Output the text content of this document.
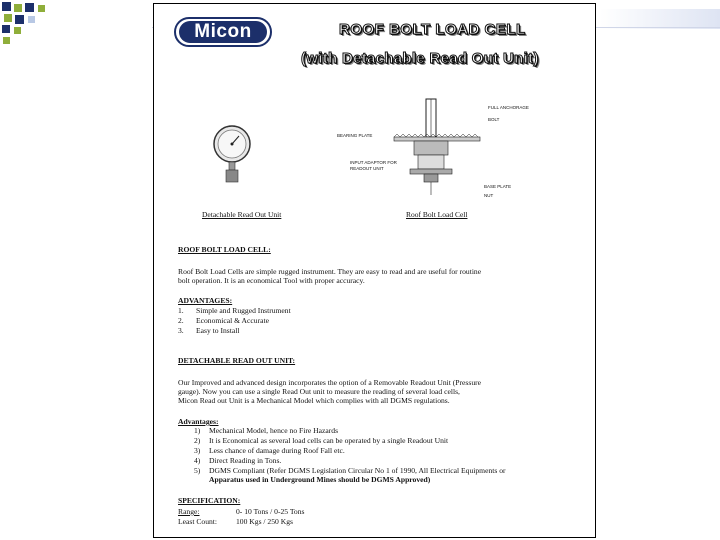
Micon	ROOF BOLT LOAD CELL
(with Detachable Read Out Unit)
Detachable Read Out Unit
FULL ANCHORAGE
BOLT
BEARING PLATE
INPUT ADAPTOR FOR
READOUT UNIT
BASE PLATE
NUT
Roof Bolt Load Cell
ROOF BOLT LOAD CELL:
Roof Bolt Load Cells are simple rugged instrument. They are easy to read and are useful for routine
bolt operation. It is an economical Tool with proper accuracy.
ADVANTAGES:
1. Simple and Rugged Instrument
2. Economical & Accurate
3. Easy to Install
DETACHABLE READ OUT UNIT:
Our Improved and advanced design incorporates the option of a Removable Readout Unit (Pressure
gauge). Now you can use a single Read Out unit to measure the reading of several load cells,
Micon Read out Unit is a Mechanical Model which complies with all DGMS regulations.
Advantages:
1) Mechanical Model, hence no Fire Hazards
2) It is Economical as several load cells can be operated by a single Readout Unit
3) Less chance of damage during Roof Fall etc.
4) Direct Reading in Tons.
5) DGMS Compliant (Refer DGMS Legislation Circular No 1 of 1990, All Electrical Equipments or
Apparatus used in Underground Mines should be DGMS Approved)
SPECIFICATION:
Range:	0- 10 Tons / 0-25 Tons
Least Count: 100 Kgs / 250 Kgs
